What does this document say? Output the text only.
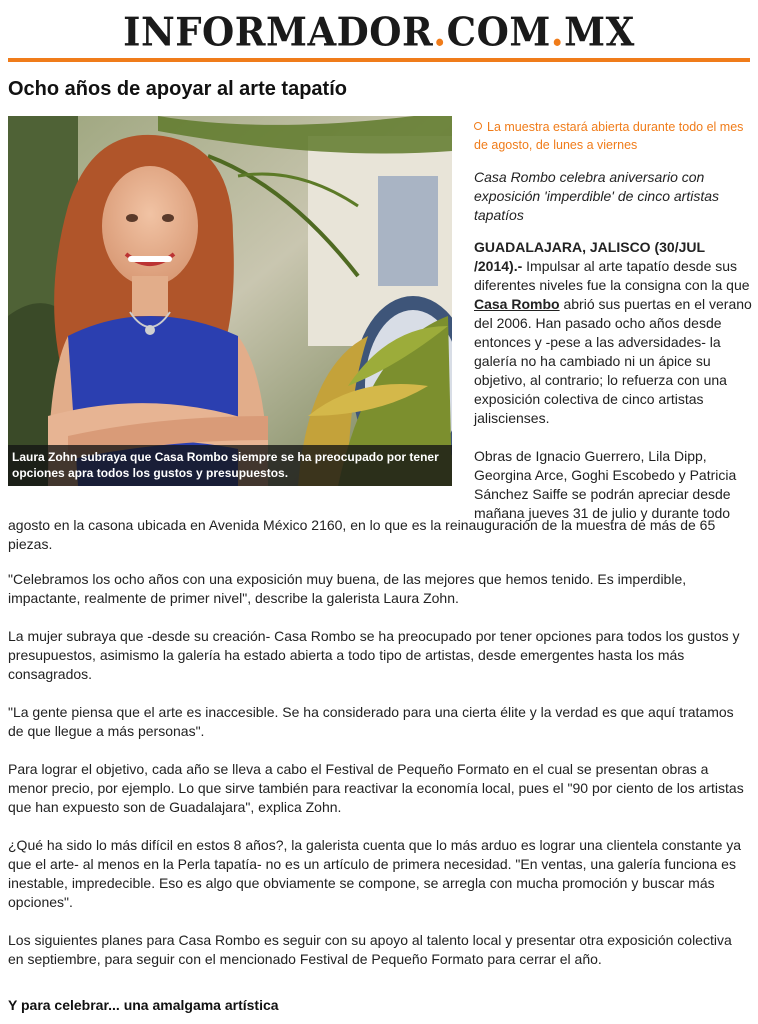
INFORMADOR.COM.MX
Ocho años de apoyar al arte tapatío
Laura Zohn subraya que Casa Rombo siempre se ha preocupado por tener opciones apra todos los gustos y presupuestos.

La muestra estará abierta durante todo el mes de agosto, de lunes a viernes

Casa Rombo celebra aniversario con exposición 'imperdible' de cinco artistas tapatíos

GUADALAJARA, JALISCO (30/JUL /2014).- Impulsar al arte tapatío desde sus diferentes niveles fue la consigna con la que Casa Rombo abrió sus puertas en el verano del 2006. Han pasado ocho años desde entonces y -pese a las adversidades- la galería no ha cambiado ni un ápice su objetivo, al contrario; lo refuerza con una exposición colectiva de cinco artistas jaliscienses.

Obras de Ignacio Guerrero, Lila Dipp, Georgina Arce, Goghi Escobedo y Patricia Sánchez Saiffe se podrán apreciar desde mañana jueves 31 de julio y durante todo

agosto en la casona ubicada en Avenida México 2160, en lo que es la reinauguración de la muestra de más de 65 piezas.

"Celebramos los ocho años con una exposición muy buena, de las mejores que hemos tenido. Es imperdible, impactante, realmente de primer nivel", describe la galerista Laura Zohn.

La mujer subraya que -desde su creación- Casa Rombo se ha preocupado por tener opciones para todos los gustos y presupuestos, asimismo la galería ha estado abierta a todo tipo de artistas, desde emergentes hasta los más consagrados.

"La gente piensa que el arte es inaccesible. Se ha considerado para una cierta élite y la verdad es que aquí tratamos de que llegue a más personas".

Para lograr el objetivo, cada año se lleva a cabo el Festival de Pequeño Formato en el cual se presentan obras a menor precio, por ejemplo. Lo que sirve también para reactivar la economía local, pues el "90 por ciento de los artistas que han expuesto son de Guadalajara", explica Zohn.

¿Qué ha sido lo más difícil en estos 8 años?, la galerista cuenta que lo más arduo es lograr una clientela constante ya que el arte- al menos en la Perla tapatía- no es un artículo de primera necesidad. "En ventas, una galería funciona es inestable, impredecible. Eso es algo que obviamente se compone, se arregla con mucha promoción y buscar más opciones".

Los siguientes planes para Casa Rombo es seguir con su apoyo al talento local y presentar otra exposición colectiva en septiembre, para seguir con el mencionado Festival de Pequeño Formato para cerrar el año.

Y para celebrar... una amalgama artística
